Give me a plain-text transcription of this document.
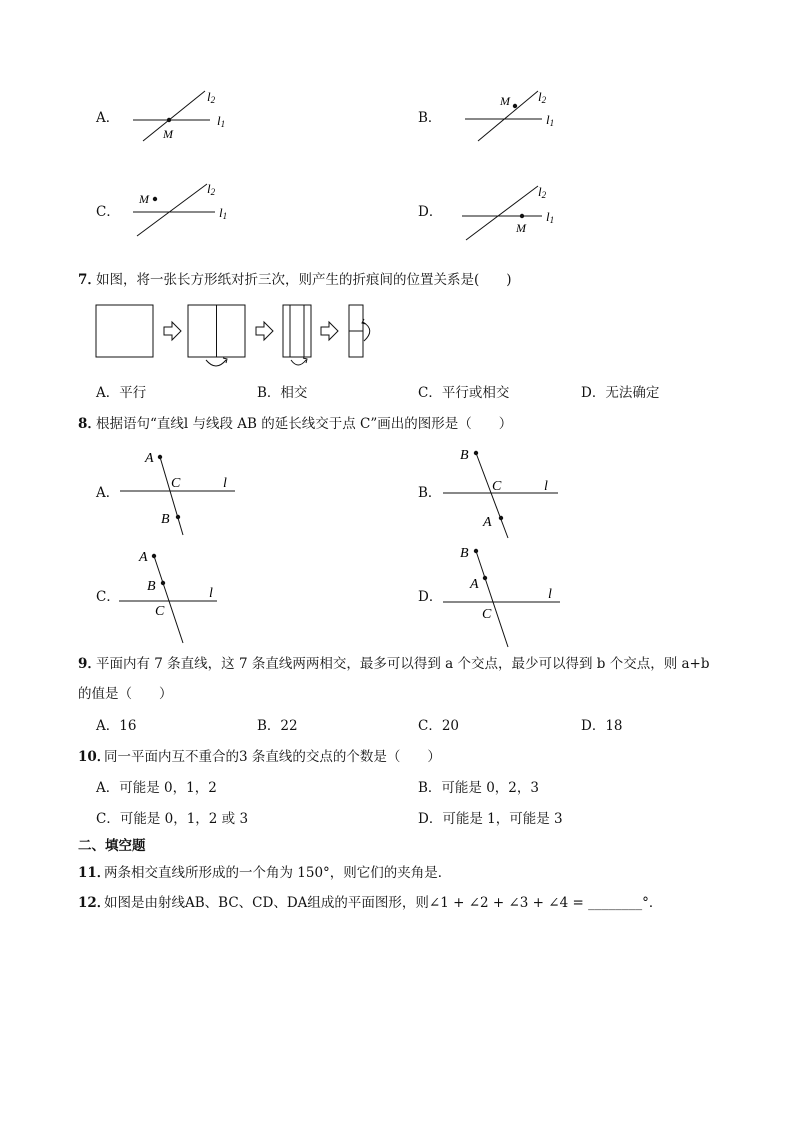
A．
l2
l1
M
B．
l2
l1
M
C．
l2
l1
M
D．
l2
l1
M
7．
如图，将一张长方形纸对折三次，则产生的折痕间的位置关系是(　　)
A．平行	B．相交	C．平行或相交	D．无法确定
8．
根据语句“直线l 与线段 AB 的延长线交于点 C”画出的图形是（　　）
A．
A
C
B
l
B．
B
C
A
l
C．
A
B
C
l	D．
B
A
C
l
9．
平面内有 7 条直线，这 7 条直线两两相交，最多可以得到 a 个交点，最少可以得到 b 个交点，则 a+b
的值是（　　）
A．16	B．22	C．20	D．18
10．
同一平面内互不重合的3 条直线的交点的个数是（　　）
A．可能是 0，1，2	B．可能是 0，2，3
C．可能是 0，1，2 或 3	D．可能是 1，可能是 3
二、填空题
11．
两条相交直线所形成的一个角为 150°，则它们的夹角是．
12．
如图是由射线AB、BC、CD、DA组成的平面图形，则∠1 + ∠2 + ∠3 + ∠4 = ________°．
